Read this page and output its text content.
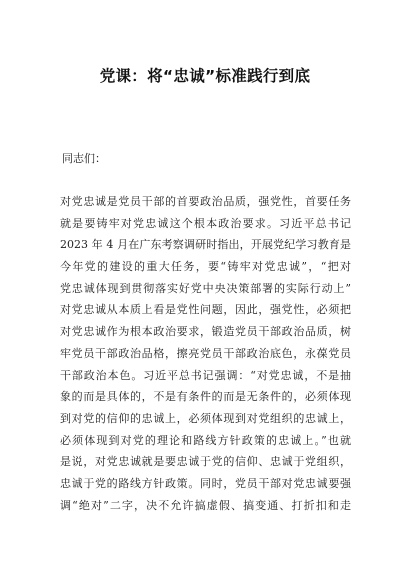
党课：将“忠诚”标准践行到底
同志们：
对党忠诚是党员干部的首要政治品质，强党性，首要任务
就是要铸牢对党忠诚这个根本政治要求。习近平总书记
2023 年 4 月在广东考察调研时指出，开展党纪学习教育是
今年党的建设的重大任务，要“铸牢对党忠诚”，“把对
党忠诚体现到贯彻落实好党中央决策部署的实际行动上”
对党忠诚从本质上看是党性问题，因此，强党性，必须把
对党忠诚作为根本政治要求，锻造党员干部政治品质，树
牢党员干部政治品格，擦亮党员干部政治底色，永葆党员
干部政治本色。习近平总书记强调：“对党忠诚，不是抽
象的而是具体的，不是有条件的而是无条件的，必须体现
到对党的信仰的忠诚上，必须体现到对党组织的忠诚上，
必须体现到对党的理论和路线方针政策的忠诚上。”也就
是说，对党忠诚就是要忠诚于党的信仰、忠诚于党组织，
忠诚于党的路线方针政策。同时，党员干部对党忠诚要强
调“绝对”二字，决不允许搞虚假、搞变通、打折扣和走
